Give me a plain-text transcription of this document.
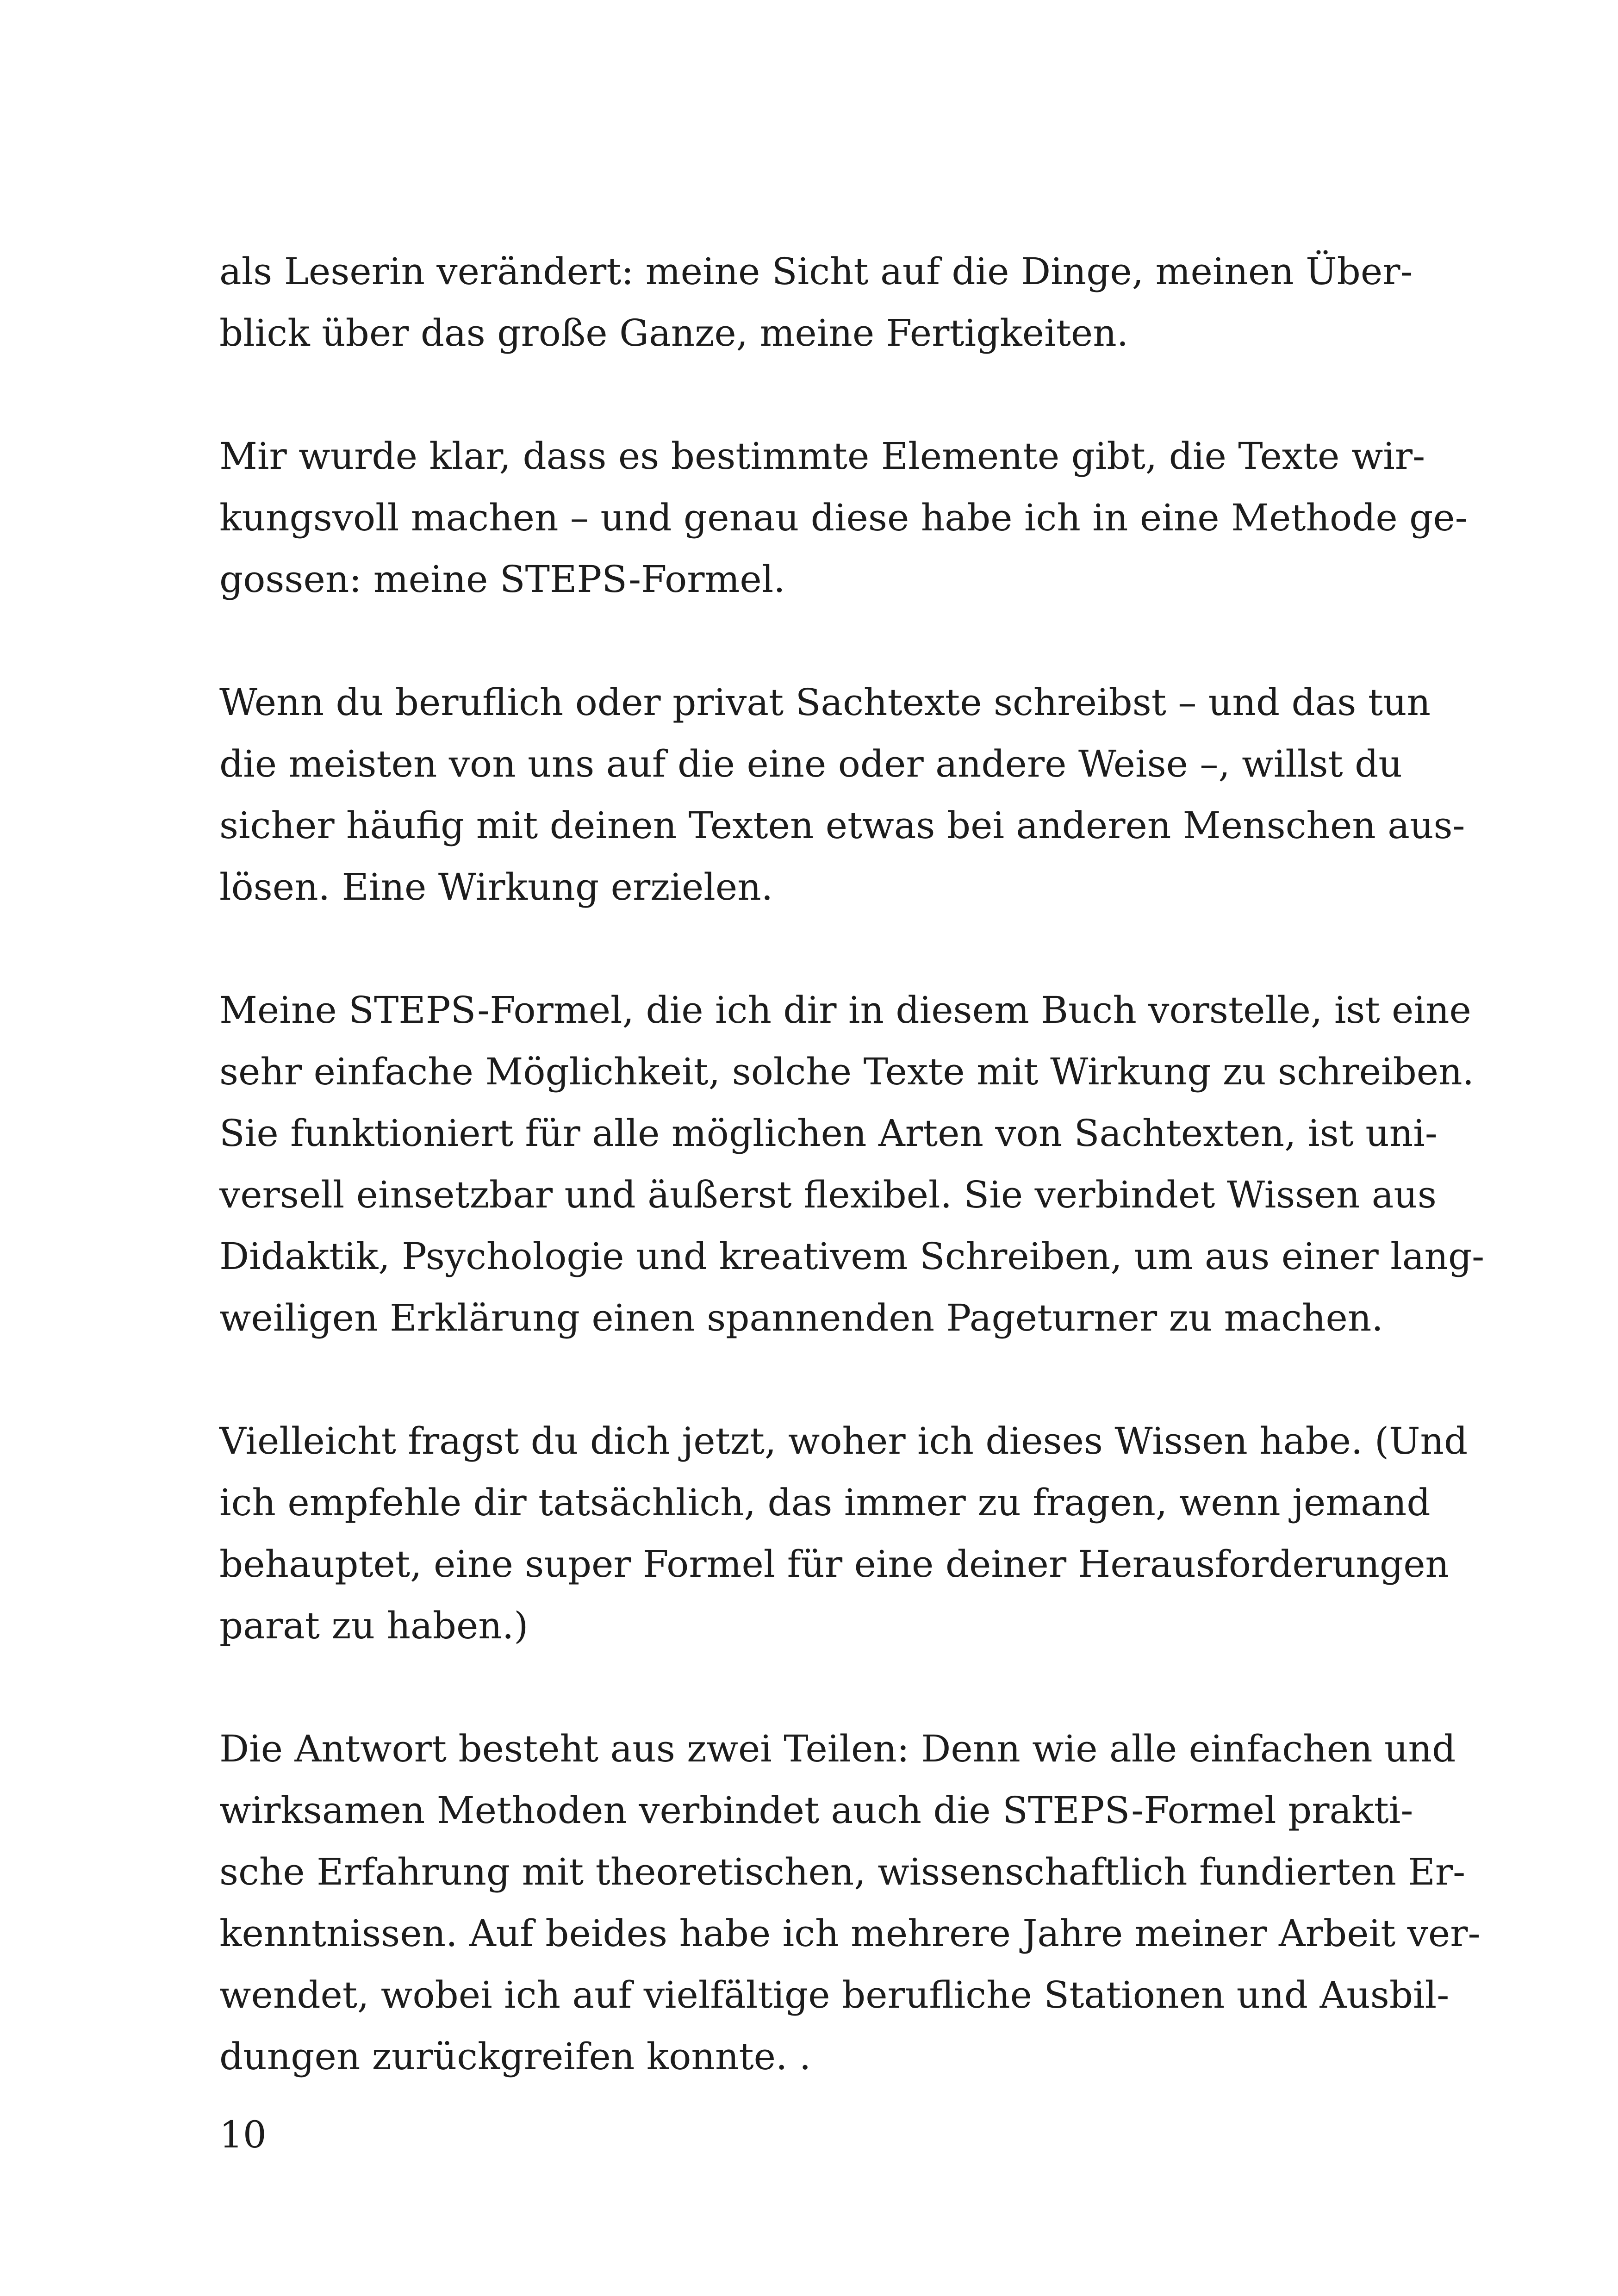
als Leserin verändert: meine Sicht auf die Dinge, meinen Über-
blick über das große Ganze, meine Fertigkeiten.
Mir wurde klar, dass es bestimmte Elemente gibt, die Texte wir-
kungsvoll machen – und genau diese habe ich in eine Methode ge-
gossen: meine STEPS-Formel.
Wenn du beruflich oder privat Sachtexte schreibst – und das tun
die meisten von uns auf die eine oder andere Weise –, willst du
sicher häufig mit deinen Texten etwas bei anderen Menschen aus-
lösen. Eine Wirkung erzielen.
Meine STEPS-Formel, die ich dir in diesem Buch vorstelle, ist eine
sehr einfache Möglichkeit, solche Texte mit Wirkung zu schreiben.
Sie funktioniert für alle möglichen Arten von Sachtexten, ist uni-
versell einsetzbar und äußerst flexibel. Sie verbindet Wissen aus
Didaktik, Psychologie und kreativem Schreiben, um aus einer lang-
weiligen Erklärung einen spannenden Pageturner zu machen.
Vielleicht fragst du dich jetzt, woher ich dieses Wissen habe. (Und
ich empfehle dir tatsächlich, das immer zu fragen, wenn jemand
behauptet, eine super Formel für eine deiner Herausforderungen
parat zu haben.)
Die Antwort besteht aus zwei Teilen: Denn wie alle einfachen und
wirksamen Methoden verbindet auch die STEPS-Formel prakti-
sche Erfahrung mit theoretischen, wissenschaftlich fundierten Er-
kenntnissen. Auf beides habe ich mehrere Jahre meiner Arbeit ver-
wendet, wobei ich auf vielfältige berufliche Stationen und Ausbil-
dungen zurückgreifen konnte. .
10
